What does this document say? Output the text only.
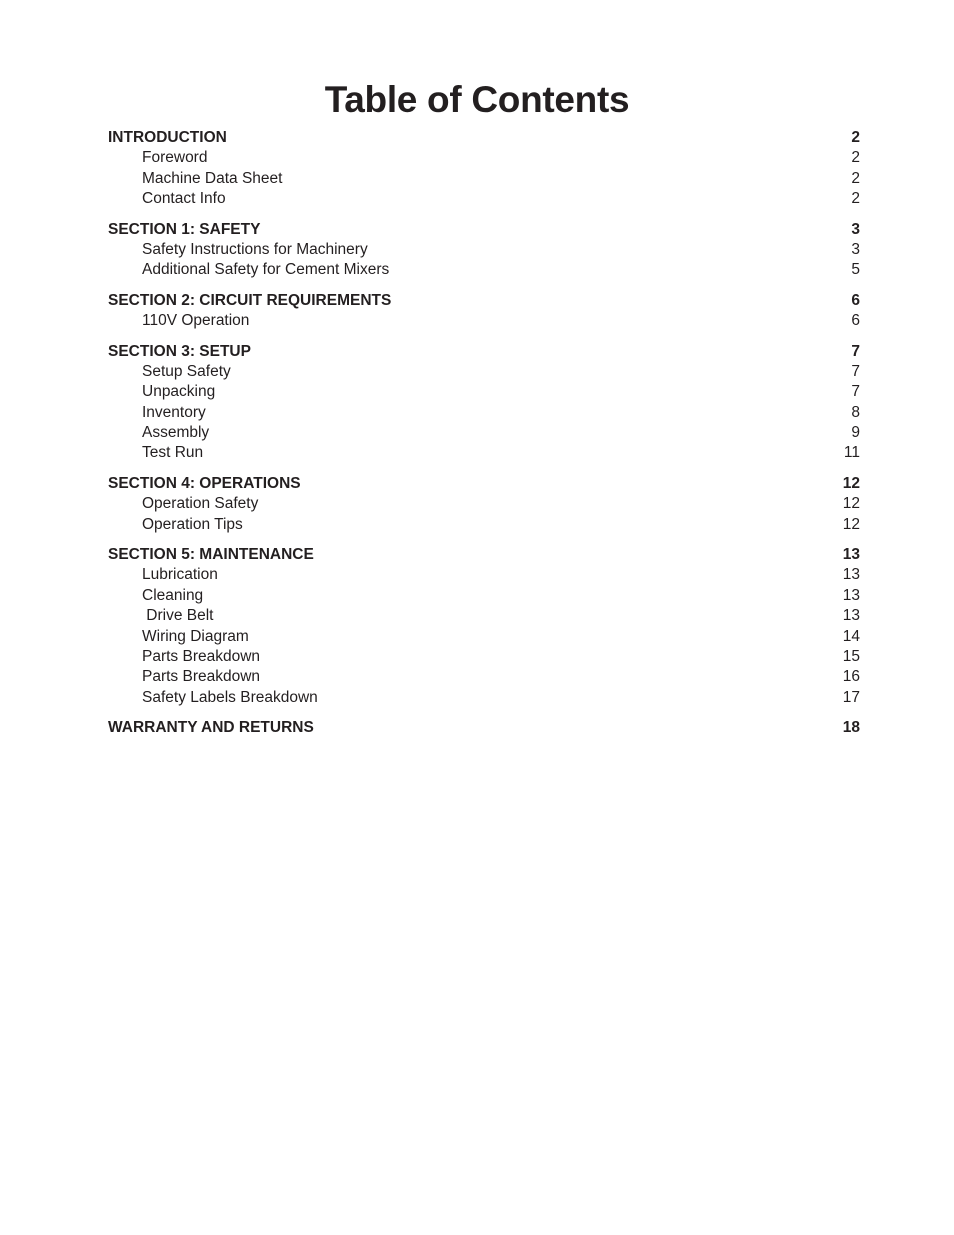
Table of Contents
INTRODUCTION	2
Foreword	2
Machine Data Sheet	2
Contact Info	2
SECTION 1: SAFETY	3
Safety Instructions for Machinery	3
Additional Safety for Cement Mixers	5
SECTION 2: CIRCUIT REQUIREMENTS	6
110V Operation	6
SECTION 3: SETUP	7
Setup Safety	7
Unpacking	7
Inventory	8
Assembly	9
Test Run	11
SECTION 4: OPERATIONS	12
Operation Safety	12
Operation Tips	12
SECTION 5: MAINTENANCE	13
Lubrication	13
Cleaning	13
Drive Belt	13
Wiring Diagram	14
Parts Breakdown	15
Parts Breakdown	16
Safety Labels Breakdown	17
WARRANTY AND RETURNS	18
